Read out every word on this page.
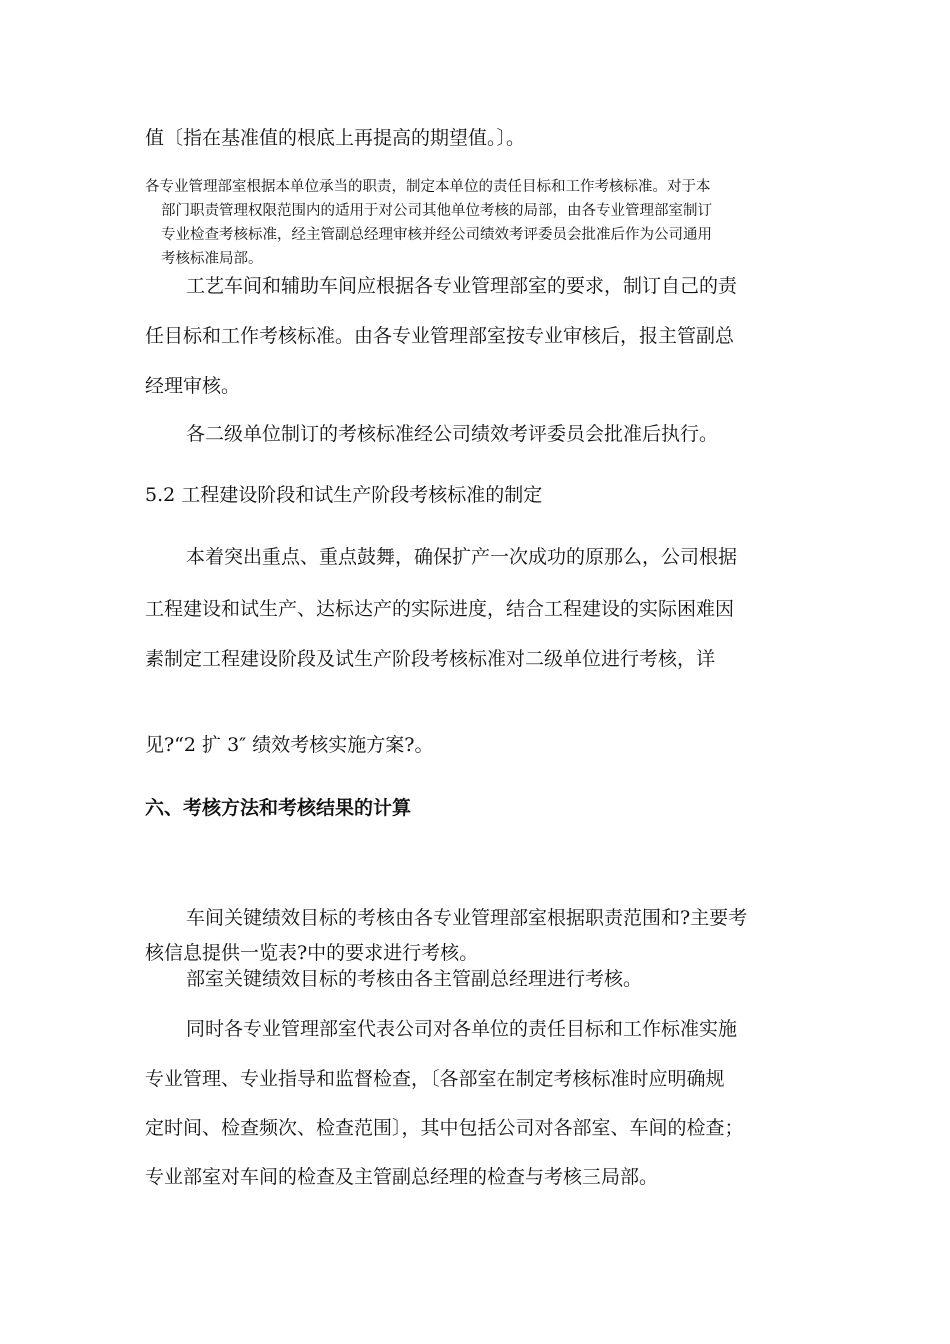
值〔指在基准值的根底上再提高的期望值。〕。
各专业管理部室根据本单位承当的职责，制定本单位的责任目标和工作考核标准。对于本
部门职责管理权限范围内的适用于对公司其他单位考核的局部，由各专业管理部室制订
专业检查考核标准，经主管副总经理审核并经公司绩效考评委员会批准后作为公司通用
考核标准局部。
工艺车间和辅助车间应根据各专业管理部室的要求，制订自己的责
任目标和工作考核标准。由各专业管理部室按专业审核后，报主管副总
经理审核。
各二级单位制订的考核标准经公司绩效考评委员会批准后执行。
5.2 工程建设阶段和试生产阶段考核标准的制定
本着突出重点、重点鼓舞，确保扩产一次成功的原那么，公司根据
工程建设和试生产、达标达产的实际进度，结合工程建设的实际困难因
素制定工程建设阶段及试生产阶段考核标准对二级单位进行考核，详
见?“2 扩 3″ 绩效考核实施方案?。
六、考核方法和考核结果的计算
车间关键绩效目标的考核由各专业管理部室根据职责范围和?主要考
核信息提供一览表?中的要求进行考核。
部室关键绩效目标的考核由各主管副总经理进行考核。
同时各专业管理部室代表公司对各单位的责任目标和工作标准实施
专业管理、专业指导和监督检查，〔各部室在制定考核标准时应明确规
定时间、检查频次、检查范围〕，其中包括公司对各部室、车间的检查；
专业部室对车间的检查及主管副总经理的检查与考核三局部。
